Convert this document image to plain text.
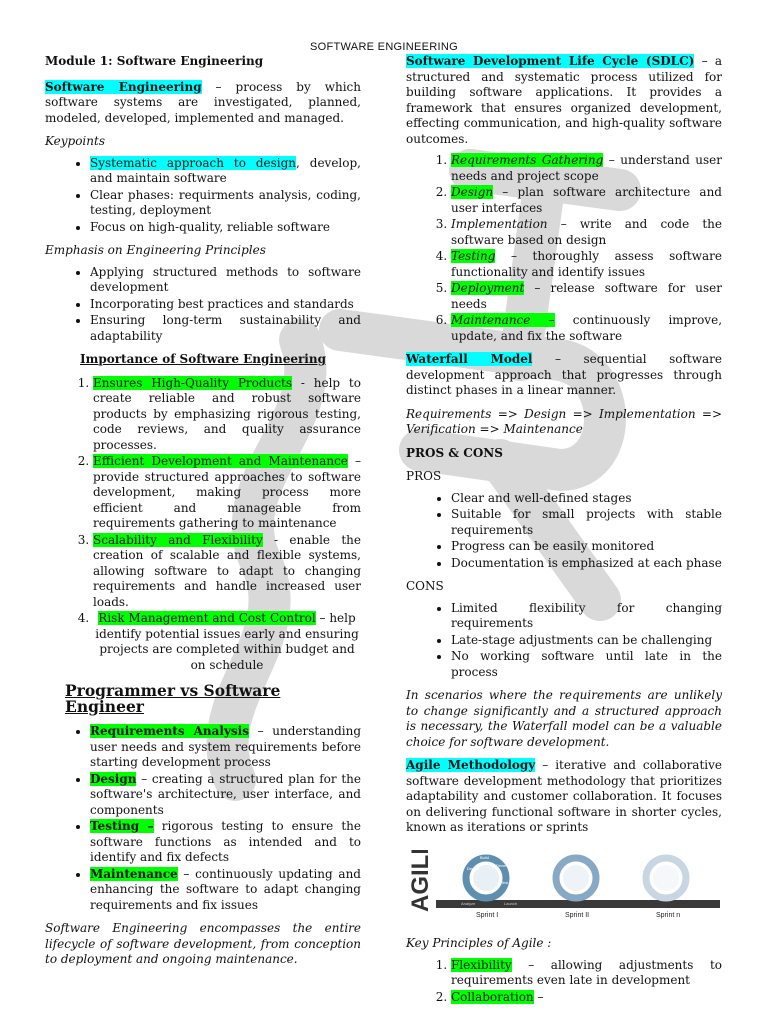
SOFTWARE ENGINEERING

Module 1: Software Engineering

Software Engineering – process by which software systems are investigated, planned, modeled, developed, implemented and managed.

Keypoints

• Systematic approach to design, develop, and maintain software
• Clear phases: requirments analysis, coding, testing, deployment
• Focus on high-quality, reliable software

Emphasis on Engineering Principles

• Applying structured methods to software development
• Incorporating best practices and standards
• Ensuring long-term sustainability and adaptability

Importance of Software Engineering

1. Ensures High-Quality Products - help to create reliable and robust software products by emphasizing rigorous testing, code reviews, and quality assurance processes.
2. Efficient Development and Maintenance – provide structured approaches to software development, making process more efficient and manageable from requirements gathering to maintenance
3. Scalability and Flexibility - enable the creation of scalable and flexible systems, allowing software to adapt to changing requirements and handle increased user loads.
4. Risk Management and Cost Control – help identify potential issues early and ensuring projects are completed within budget and on schedule
Programmer vs Software Engineer
• Requirements Analysis – understanding user needs and system requirements before starting development process
• Design – creating a structured plan for the software's architecture, user interface, and components
• Testing – rigorous testing to ensure the software functions as intended and to identify and fix defects
• Maintenance – continuously updating and enhancing the software to adapt changing requirements and fix issues

Software Engineering encompasses the entire lifecycle of software development, from conception to deployment and ongoing maintenance.

Software Development Life Cycle (SDLC) – a structured and systematic process utilized for building software applications. It provides a framework that ensures organized development, effecting communication, and high-quality software outcomes.

1. Requirements Gathering – understand user needs and project scope
2. Design – plan software architecture and user interfaces
3. Implementation – write and code the software based on design
4. Testing – thoroughly assess software functionality and identify issues
5. Deployment – release software for user needs
6. Maintenance – continuously improve, update, and fix the software

Waterfall Model – sequential software development approach that progresses through distinct phases in a linear manner.

Requirements => Design => Implementation => Verification => Maintenance

PROS & CONS

PROS

• Clear and well-defined stages
• Suitable for small projects with stable requirements
• Progress can be easily monitored
• Documentation is emphasized at each phase

CONS

• Limited flexibility for changing requirements
• Late-stage adjustments can be challenging
• No working software until late in the process

In scenarios where the requirements are unlikely to change significantly and a structured approach is necessary, the Waterfall model can be a valuable choice for software development.

Agile Methodology – iterative and collaborative software development methodology that prioritizes adaptability and customer collaboration. It focuses on delivering functional software in shorter cycles, known as iterations or sprints

AGILE
Sprint I	Sprint II	Sprint n
Build
Design
Develop
Test
Launch
Analyze

Key Principles of Agile :

1. Flexibility – allowing adjustments to requirements even late in development
2. Collaboration –
